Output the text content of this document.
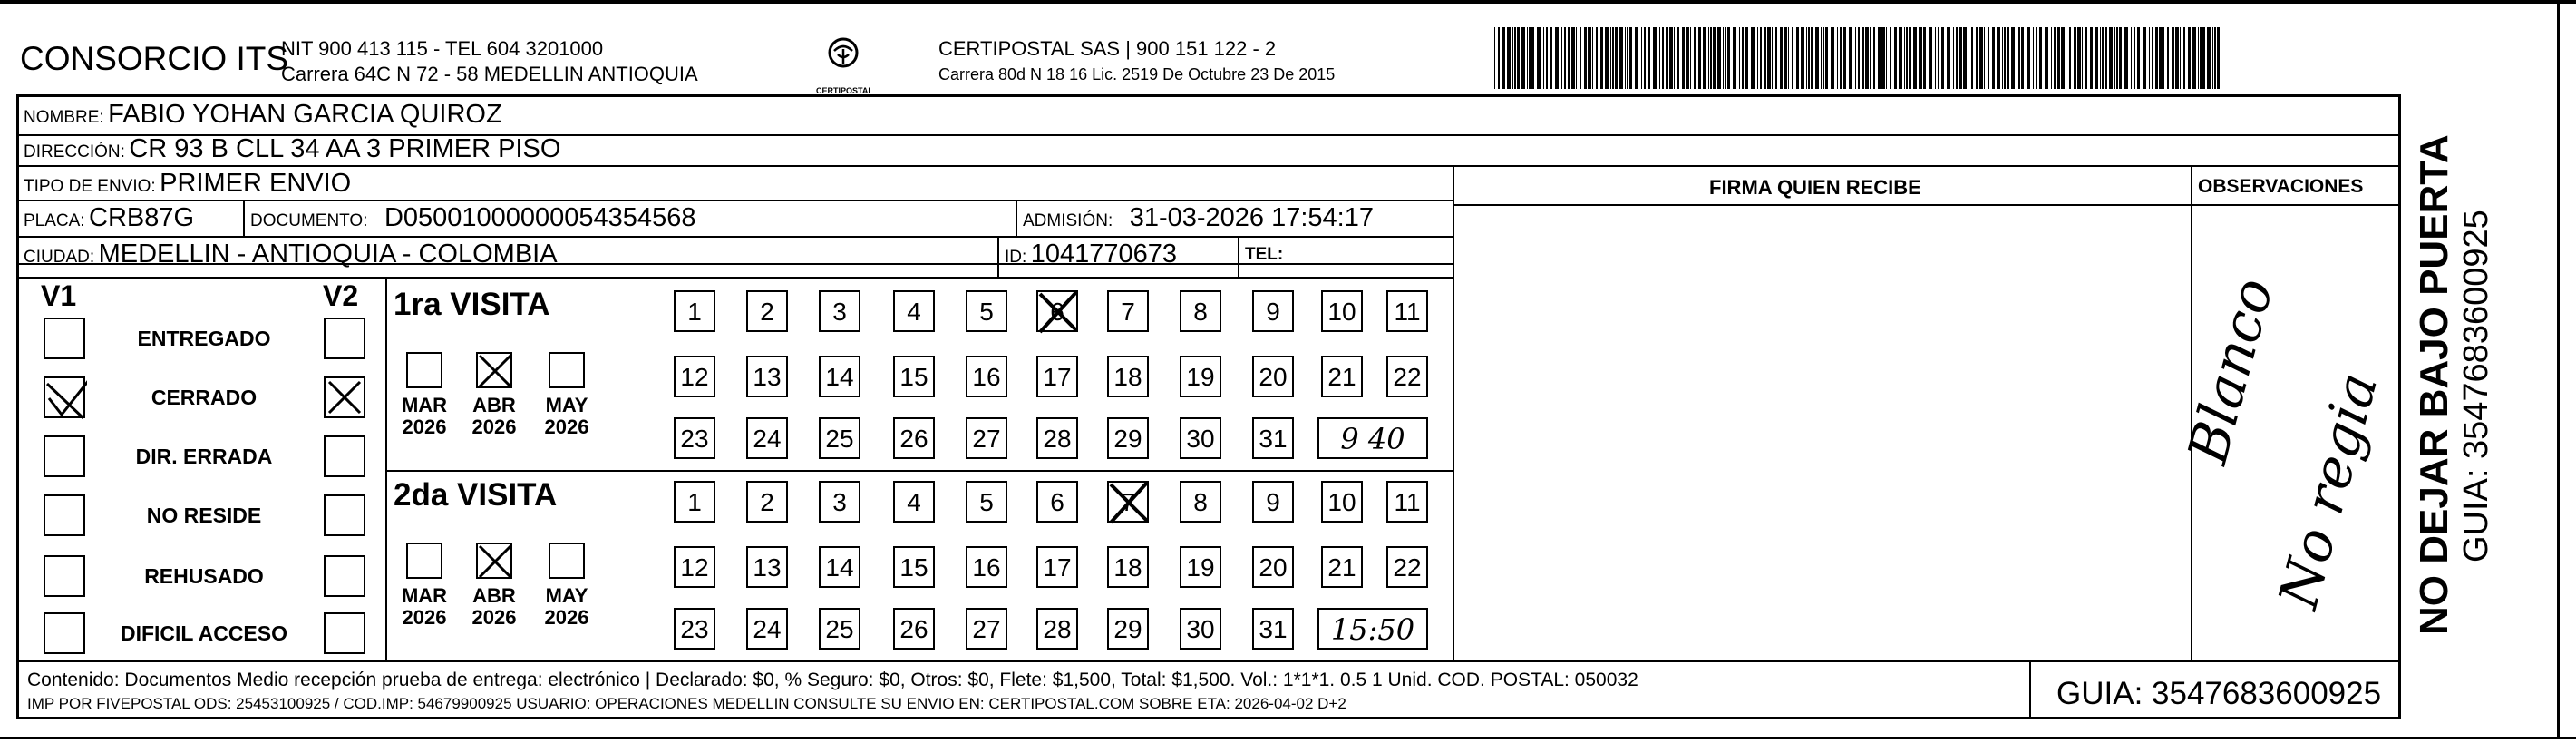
CONSORCIO ITS
NIT 900 413 115 - TEL 604 3201000
Carrera 64C N 72 - 58 MEDELLIN ANTIOQUIA
CERTIPOSTAL
CERTIPOSTAL SAS | 900 151 122 - 2
Carrera 80d N 18 16 Lic. 2519 De Octubre 23 De 2015
NOMBRE: FABIO YOHAN GARCIA QUIROZ
DIRECCIÓN: CR 93 B CLL 34 AA 3 PRIMER PISO
TIPO DE ENVIO: PRIMER ENVIO	FIRMA QUIEN RECIBE	OBSERVACIONES
PLACA: CRB87G	DOCUMENTO: D05001000000054354568	ADMISIÓN: 31-03-2026 17:54:17
CIUDAD: MEDELLIN - ANTIOQUIA - COLOMBIA	ID: 1041770673	TEL:
V1	V2
ENTREGADO
CERRADO
DIR. ERRADA
NO RESIDE
REHUSADO
DIFICIL ACCESO
1ra VISITA
MAR
2026
ABR
2026
MAY
2026
1	2	3	4	5	6	7	8	9	10	11
12 13 14 15 16 17 18 19 20 21 22
23 24 25 26 27 28 29 30 31	9 40
2da VISITA
MAR
2026
ABR
2026
MAY
2026
1	2	3	4	5	6	7	8	9	10	11
12 13 14 15 16 17 18 19 20 21 22
23 24 25 26 27 28 29 30 31	15:50
Blanco
No regia
Contenido: Documentos Medio recepción prueba de entrega: electrónico | Declarado: $0, % Seguro: $0, Otros: $0, Flete: $1,500, Total: $1,500. Vol.: 1*1*1. 0.5 1 Unid. COD. POSTAL: 050032
IMP POR FIVEPOSTAL ODS: 25453100925 / COD.IMP: 54679900925 USUARIO: OPERACIONES MEDELLIN CONSULTE SU ENVIO EN: CERTIPOSTAL.COM SOBRE ETA: 2026-04-02 D+2	GUIA: 3547683600925
NO DEJAR BAJO PUERTA GUIA: 3547683600925
